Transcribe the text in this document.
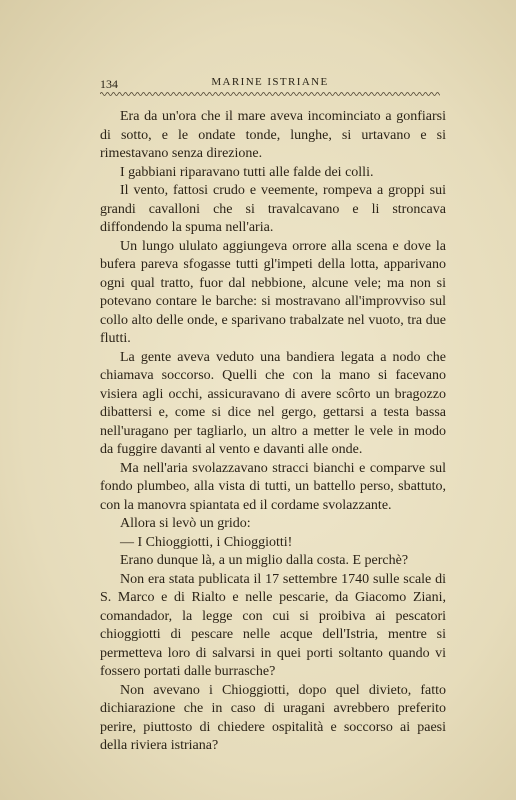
134	MARINE ISTRIANE

Era da un'ora che il mare aveva incominciato a gonfiarsi di sotto, e le ondate tonde, lunghe, si urtavano e si rimestavano senza direzione.

I gabbiani riparavano tutti alle falde dei colli.

Il vento, fattosi crudo e veemente, rompeva a groppi sui grandi cavalloni che si travalcavano e li stroncava diffondendo la spuma nell'aria.

Un lungo ululato aggiungeva orrore alla scena e dove la bufera pareva sfogasse tutti gl'impeti della lotta, apparivano ogni qual tratto, fuor dal nebbione, alcune vele; ma non si potevano contare le barche: si mostravano all'improvviso sul collo alto delle onde, e sparivano trabalzate nel vuoto, tra due flutti.

La gente aveva veduto una bandiera legata a nodo che chiamava soccorso. Quelli che con la mano si facevano visiera agli occhi, assicuravano di avere scôrto un bragozzo dibattersi e, come si dice nel gergo, gettarsi a testa bassa nell'uragano per tagliarlo, un altro a metter le vele in modo da fuggire davanti al vento e davanti alle onde.

Ma nell'aria svolazzavano stracci bianchi e comparve sul fondo plumbeo, alla vista di tutti, un battello perso, sbattuto, con la manovra spiantata ed il cordame svolazzante.

Allora si levò un grido:

— I Chioggiotti, i Chioggiotti!

Erano dunque là, a un miglio dalla costa. E perchè?

Non era stata publicata il 17 settembre 1740 sulle scale di S. Marco e di Rialto e nelle pescarie, da Giacomo Ziani, comandador, la legge con cui si proibiva ai pescatori chioggiotti di pescare nelle acque dell'Istria, mentre si permetteva loro di salvarsi in quei porti soltanto quando vi fossero portati dalle burrasche?

Non avevano i Chioggiotti, dopo quel divieto, fatto dichiarazione che in caso di uragani avrebbero preferito perire, piuttosto di chiedere ospitalità e soccorso ai paesi della riviera istriana?
